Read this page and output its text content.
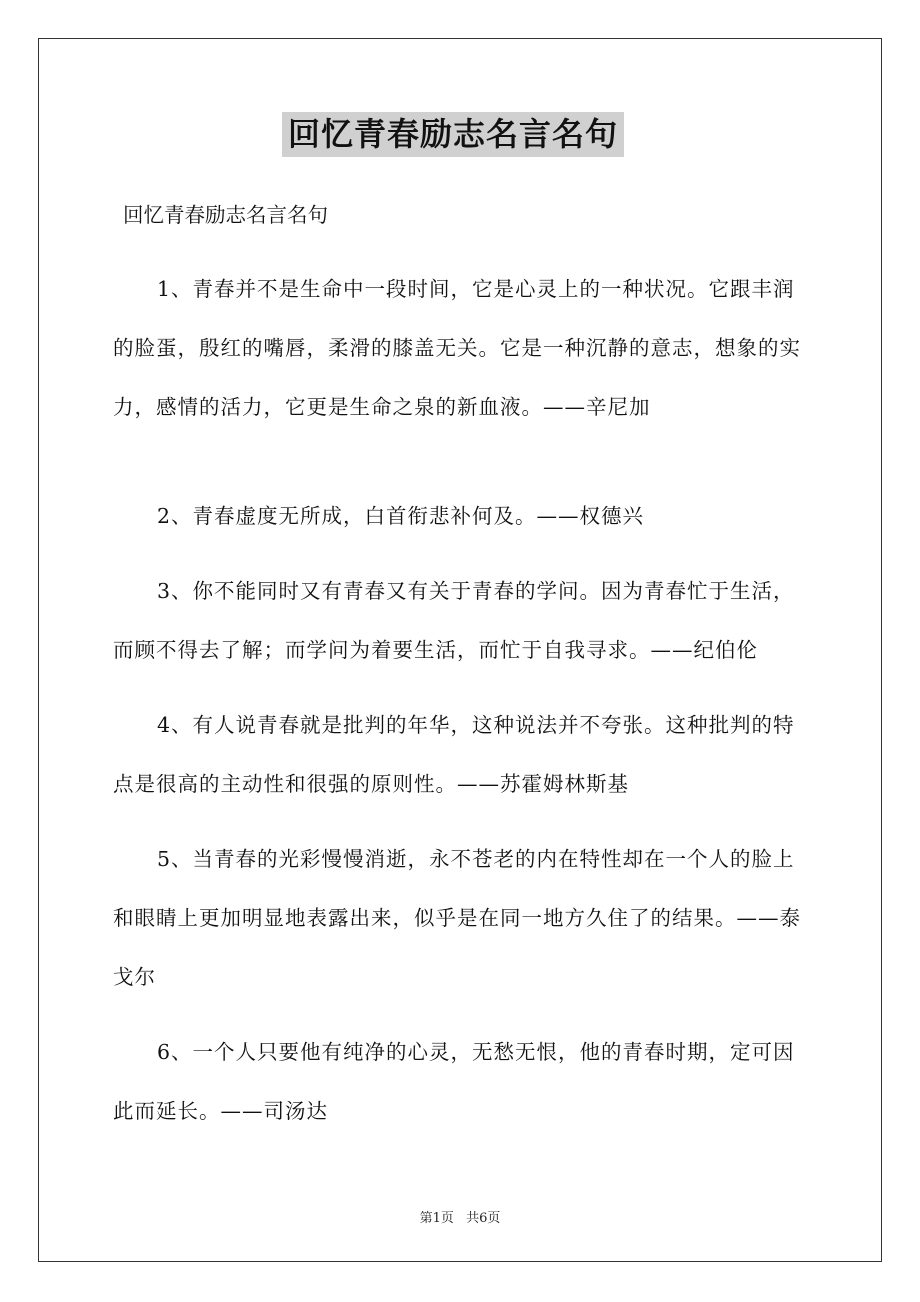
回忆青春励志名言名句
回忆青春励志名言名句

1、青春并不是生命中一段时间，它是心灵上的一种状况。它跟丰润的脸蛋，殷红的嘴唇，柔滑的膝盖无关。它是一种沉静的意志，想象的实力，感情的活力，它更是生命之泉的新血液。——辛尼加

2、青春虚度无所成，白首衔悲补何及。——权德兴

3、你不能同时又有青春又有关于青春的学问。因为青春忙于生活，而顾不得去了解；而学问为着要生活，而忙于自我寻求。——纪伯伦

4、有人说青春就是批判的年华，这种说法并不夸张。这种批判的特点是很高的主动性和很强的原则性。——苏霍姆林斯基

5、当青春的光彩慢慢消逝，永不苍老的内在特性却在一个人的脸上和眼睛上更加明显地表露出来，似乎是在同一地方久住了的结果。——泰戈尔

6、一个人只要他有纯净的心灵，无愁无恨，他的青春时期，定可因此而延长。——司汤达

第1页 共6页
